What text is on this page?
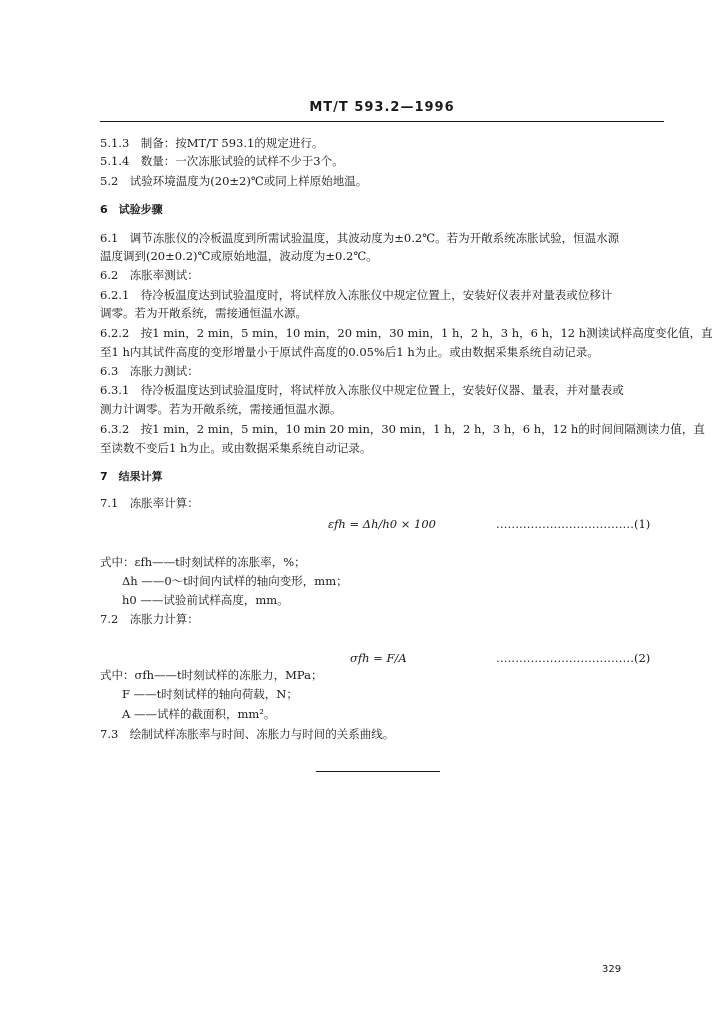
MT/T 593.2—1996
5.1.3　制备：按MT/T 593.1的规定进行。
5.1.4　数量：一次冻胀试验的试样不少于3个。
5.2　试验环境温度为(20±2)℃或同上样原始地温。
6　试验步骤
6.1　调节冻胀仪的冷板温度到所需试验温度，其波动度为±0.2℃。若为开敞系统冻胀试验，恒温水源
温度调到(20±0.2)℃或原始地温，波动度为±0.2℃。
6.2　冻胀率测试：
6.2.1　待冷板温度达到试验温度时，将试样放入冻胀仪中规定位置上，安装好仪表并对量表或位移计
调零。若为开敞系统，需接通恒温水源。
6.2.2　按1 min，2 min，5 min，10 min，20 min，30 min，1 h，2 h，3 h，6 h，12 h测读试样高度变化值，直
至1 h内其试件高度的变形增量小于原试件高度的0.05%后1 h为止。或由数据采集系统自动记录。
6.3　冻胀力测试：
6.3.1　待冷板温度达到试验温度时，将试样放入冻胀仪中规定位置上，安装好仪器、量表，并对量表或
测力计调零。若为开敞系统，需接通恒温水源。
6.3.2　按1 min，2 min，5 min，10 min 20 min，30 min，1 h，2 h，3 h，6 h，12 h的时间间隔测读力值，直
至读数不变后1 h为止。或由数据采集系统自动记录。
7　结果计算
7.1　冻胀率计算：
εfh = Δh/h0 × 100	………………………………(1)
式中：εfh——t时刻试样的冻胀率，%；
Δh ——0～t时间内试样的轴向变形，mm；
h0 ——试验前试样高度，mm。
7.2　冻胀力计算：
σfh = F/A	………………………………(2)
式中：σfh——t时刻试样的冻胀力，MPa；
F ——t时刻试样的轴向荷载，N；
A ——试样的截面积，mm²。
7.3　绘制试样冻胀率与时间、冻胀力与时间的关系曲线。
329
